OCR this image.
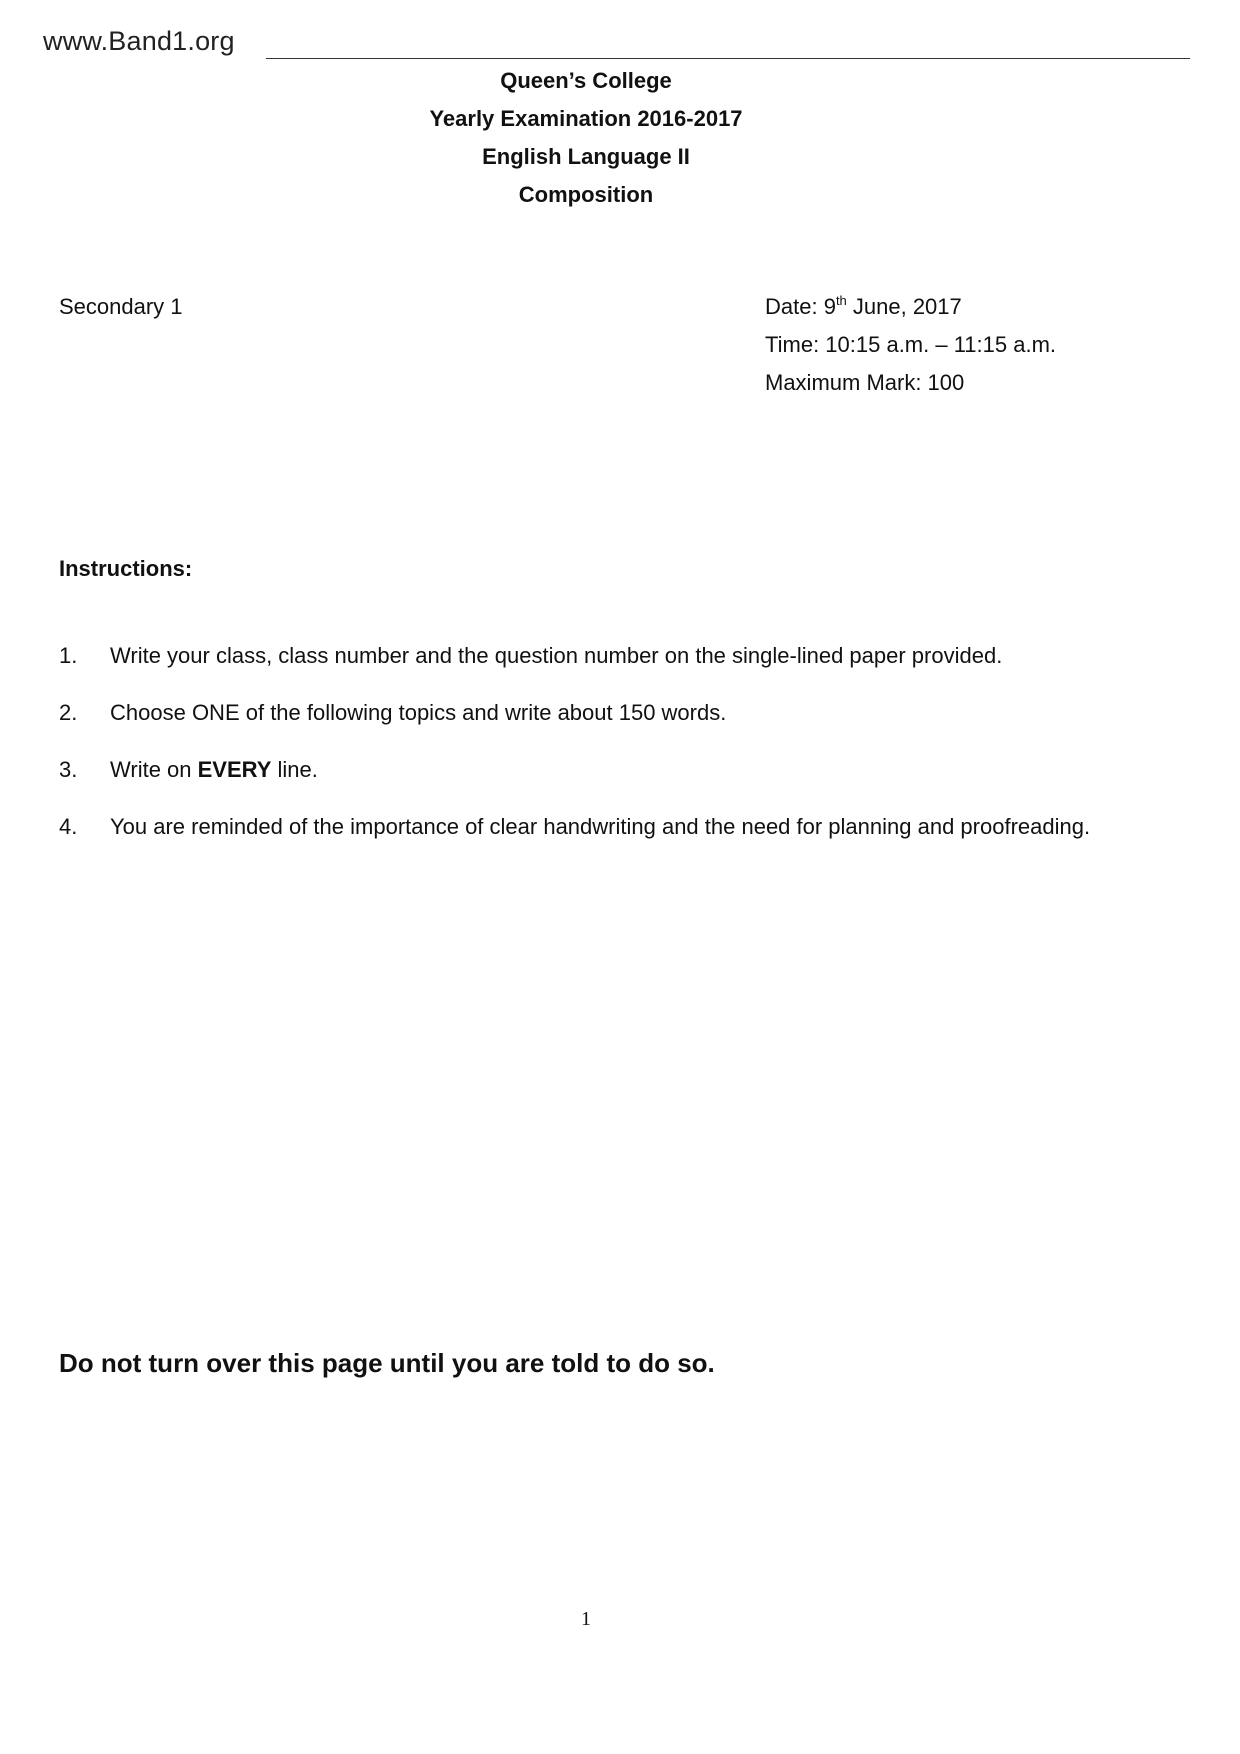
www.Band1.org
Queen’s College
Yearly Examination 2016-2017
English Language II
Composition
Secondary 1	Date: 9th June, 2017
Time: 10:15 a.m. – 11:15 a.m.
Maximum Mark: 100
Instructions:
1. Write your class, class number and the question number on the single-lined paper provided.
2. Choose ONE of the following topics and write about 150 words.
3. Write on EVERY line.
4. You are reminded of the importance of clear handwriting and the need for planning and proofreading.
Do not turn over this page until you are told to do so.
1
